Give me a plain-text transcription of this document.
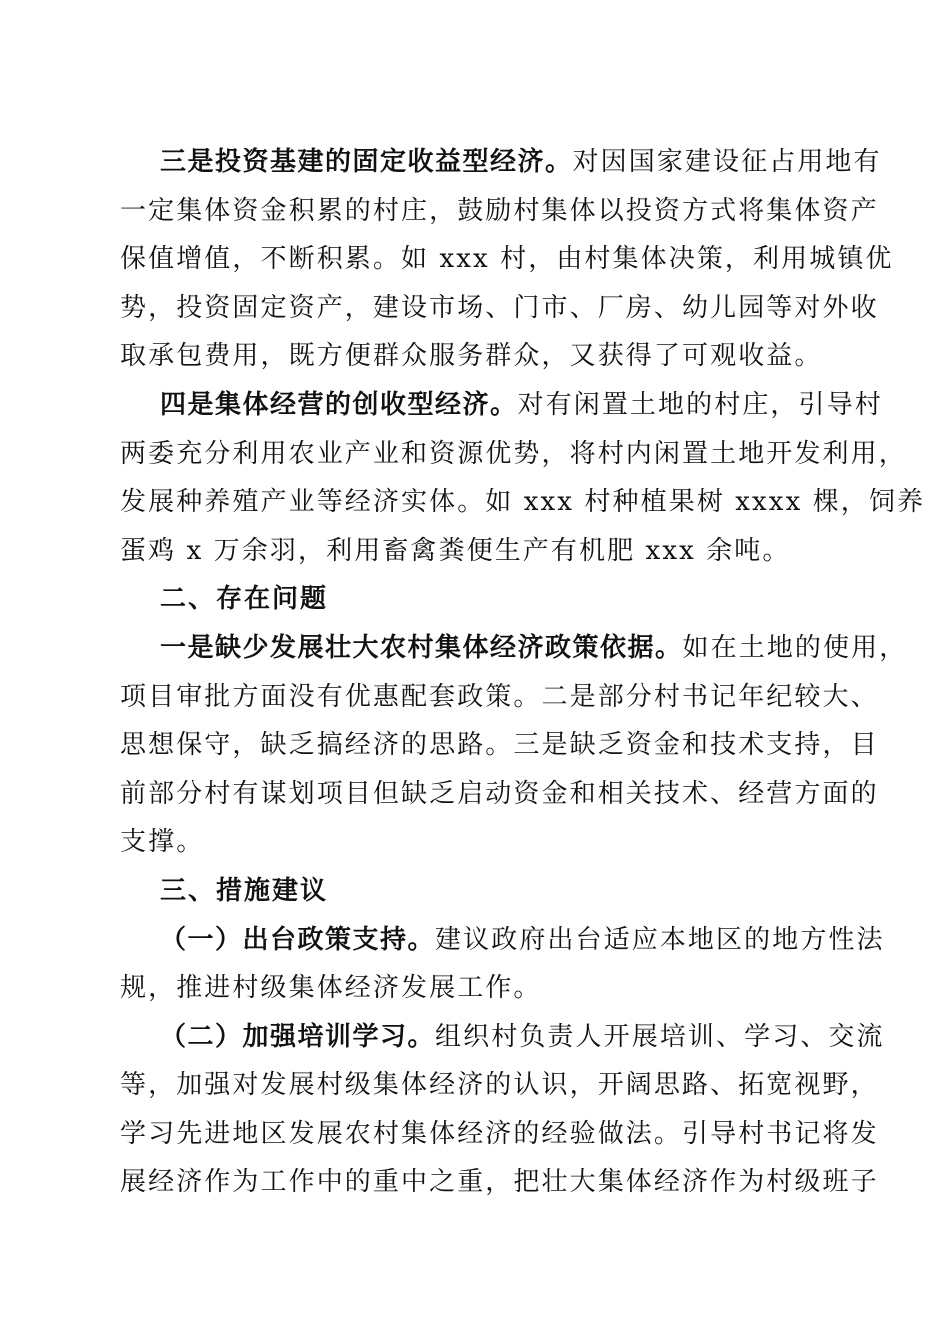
三是投资基建的固定收益型经济。对因国家建设征占用地有
一定集体资金积累的村庄，鼓励村集体以投资方式将集体资产
保值增值，不断积累。如 xxx 村，由村集体决策，利用城镇优
势，投资固定资产，建设市场、门市、厂房、幼儿园等对外收
取承包费用，既方便群众服务群众，又获得了可观收益。
四是集体经营的创收型经济。对有闲置土地的村庄，引导村
两委充分利用农业产业和资源优势，将村内闲置土地开发利用，
发展种养殖产业等经济实体。如 xxx 村种植果树 xxxx 棵，饲养
蛋鸡 x 万余羽，利用畜禽粪便生产有机肥 xxx 余吨。
二、存在问题
一是缺少发展壮大农村集体经济政策依据。如在土地的使用，
项目审批方面没有优惠配套政策。二是部分村书记年纪较大、
思想保守，缺乏搞经济的思路。三是缺乏资金和技术支持，目
前部分村有谋划项目但缺乏启动资金和相关技术、经营方面的
支撑。
三、措施建议
（一）出台政策支持。建议政府出台适应本地区的地方性法
规，推进村级集体经济发展工作。
（二）加强培训学习。组织村负责人开展培训、学习、交流
等，加强对发展村级集体经济的认识，开阔思路、拓宽视野，
学习先进地区发展农村集体经济的经验做法。引导村书记将发
展经济作为工作中的重中之重，把壮大集体经济作为村级班子
